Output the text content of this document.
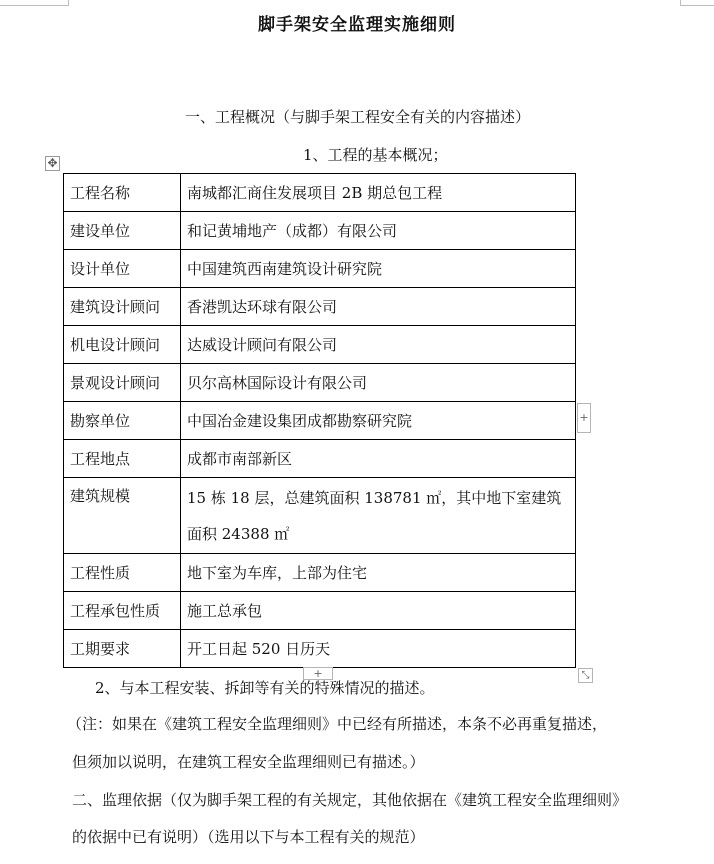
脚手架安全监理实施细则
一、工程概况（与脚手架工程安全有关的内容描述）
1、工程的基本概况；
✥
工程名称	南城都汇商住发展项目 2B 期总包工程
建设单位	和记黄埔地产（成都）有限公司
设计单位	中国建筑西南建筑设计研究院
建筑设计顾问	香港凯达环球有限公司
机电设计顾问	达威设计顾问有限公司
景观设计顾问	贝尔高林国际设计有限公司
勘察单位	中国冶金建设集团成都勘察研究院
工程地点	成都市南部新区
建筑规模	15 栋 18 层，总建筑面积 138781 ㎡，其中地下室建筑面积 24388 ㎡
工程性质	地下室为车库，上部为住宅
工程承包性质	施工总承包
工期要求	开工日起 520 日历天
+
+	⤡
2、与本工程安装、拆卸等有关的特殊情况的描述。
（注：如果在《建筑工程安全监理细则》中已经有所描述，本条不必再重复描述，
但须加以说明，在建筑工程安全监理细则已有描述。）
二、监理依据（仅为脚手架工程的有关规定，其他依据在《建筑工程安全监理细则》
的依据中已有说明）（选用以下与本工程有关的规范）
